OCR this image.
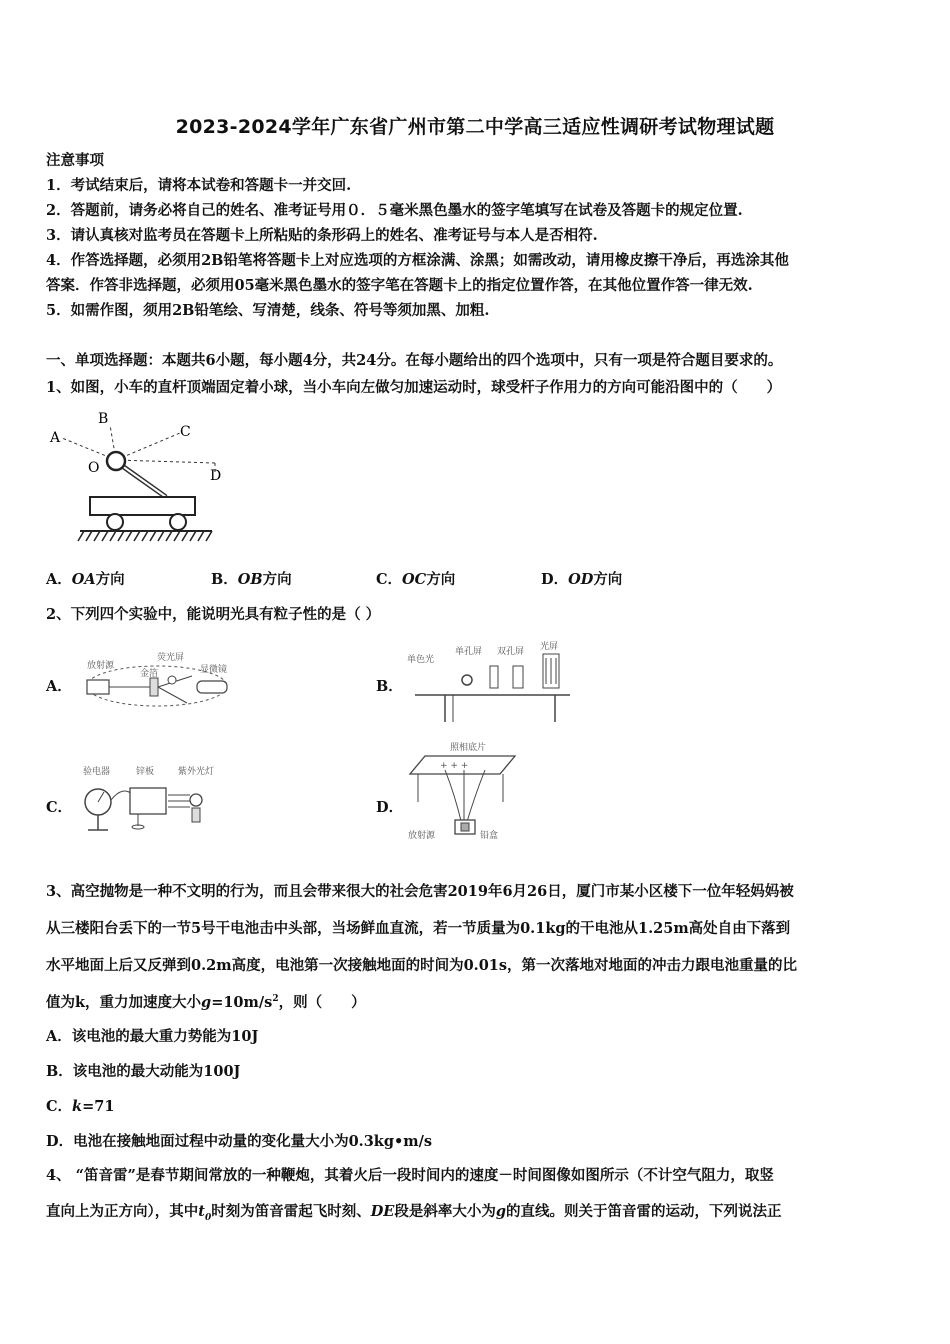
2023-2024学年广东省广州市第二中学高三适应性调研考试物理试题
注意事项
1．考试结束后，请将本试卷和答题卡一并交回.
2．答题前，请务必将自己的姓名、准考证号用０．５毫米黑色墨水的签字笔填写在试卷及答题卡的规定位置.
3．请认真核对监考员在答题卡上所粘贴的条形码上的姓名、准考证号与本人是否相符.
4．作答选择题，必须用2B铅笔将答题卡上对应选项的方框涂满、涂黑；如需改动，请用橡皮擦干净后，再选涂其他
答案．作答非选择题，必须用05毫米黑色墨水的签字笔在答题卡上的指定位置作答，在其他位置作答一律无效.
5．如需作图，须用2B铅笔绘、写清楚，线条、符号等须加黑、加粗.
一、单项选择题：本题共6小题，每小题4分，共24分。在每小题给出的四个选项中，只有一项是符合题目要求的。
1、如图，小车的直杆顶端固定着小球，当小车向左做匀加速运动时，球受杆子作用力的方向可能沿图中的（　　）
A
B
C
D
O
A．OA方向	B．OB方向	C．OC方向	D．OD方向
2、下列四个实验中，能说明光具有粒子性的是（ ）
A．
放射源
荧光屏
显微镜
金箔
B．
单色光
单孔屏 双孔屏 光屏
C．
验电器	锌板	紫外光灯
D．
+ + +
照相底片
放射源	铅盒
3、高空抛物是一种不文明的行为，而且会带来很大的社会危害2019年6月26日，厦门市某小区楼下一位年轻妈妈被
从三楼阳台丢下的一节5号干电池击中头部，当场鲜血直流，若一节质量为0.1kg的干电池从1.25m高处自由下落到
水平地面上后又反弹到0.2m高度，电池第一次接触地面的时间为0.01s，第一次落地对地面的冲击力跟电池重量的比
值为k，重力加速度大小$g=10m/s^2$，则（　　）
A．该电池的最大重力势能为10J
B．该电池的最大动能为100J
C．k=71
D．电池在接触地面过程中动量的变化量大小为0.3kg•m/s
4、 “笛音雷”是春节期间常放的一种鞭炮，其着火后一段时间内的速度－时间图像如图所示（不计空气阻力，取竖
直向上为正方向），其中$t_0$时刻为笛音雷起飞时刻、DE段是斜率大小为g的直线。则关于笛音雷的运动，下列说法正
